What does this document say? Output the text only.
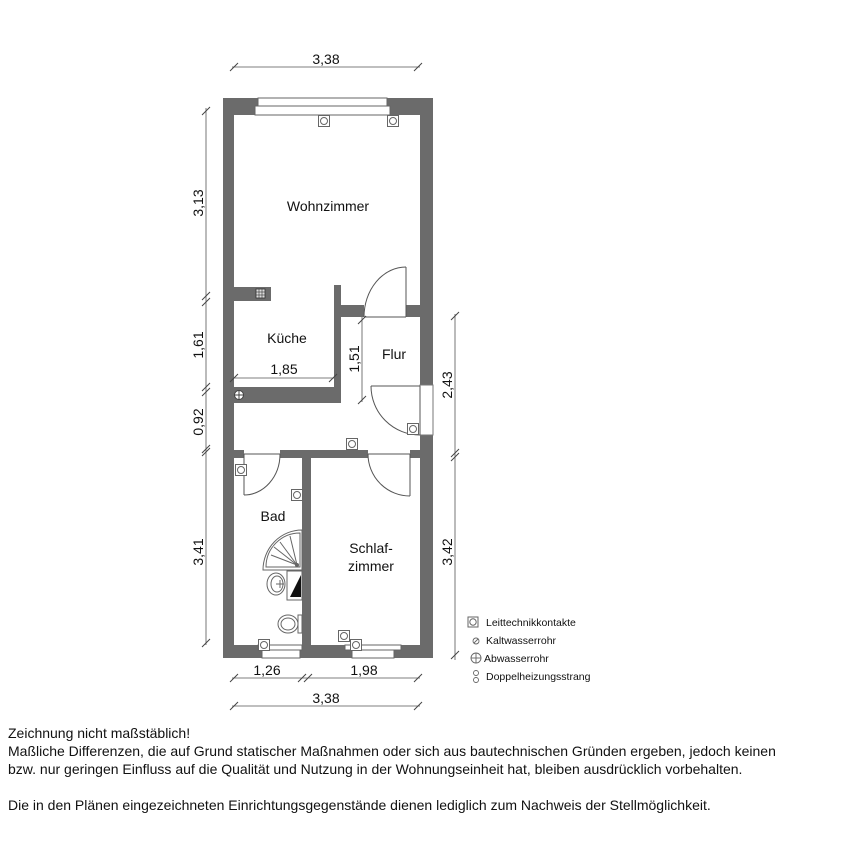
3,38
3,13
1,61
0,92
3,41
1,85	1,51
2,43
3,42
1,26	1,98
3,38
Wohnzimmer
Küche
Flur
Bad
Schlaf-
zimmer
Leittechnikkontakte
Kaltwasserrohr
Abwasserrohr
Doppelheizungsstrang

Zeichnung nicht maßstäblich!

Maßliche Differenzen, die auf Grund statischer Maßnahmen oder sich aus bautechnischen Gründen ergeben, jedoch keinen

bzw. nur geringen Einfluss auf die Qualität und Nutzung in der Wohnungseinheit hat, bleiben ausdrücklich vorbehalten.

Die in den Plänen eingezeichneten Einrichtungsgegenstände dienen lediglich zum Nachweis der Stellmöglichkeit.
